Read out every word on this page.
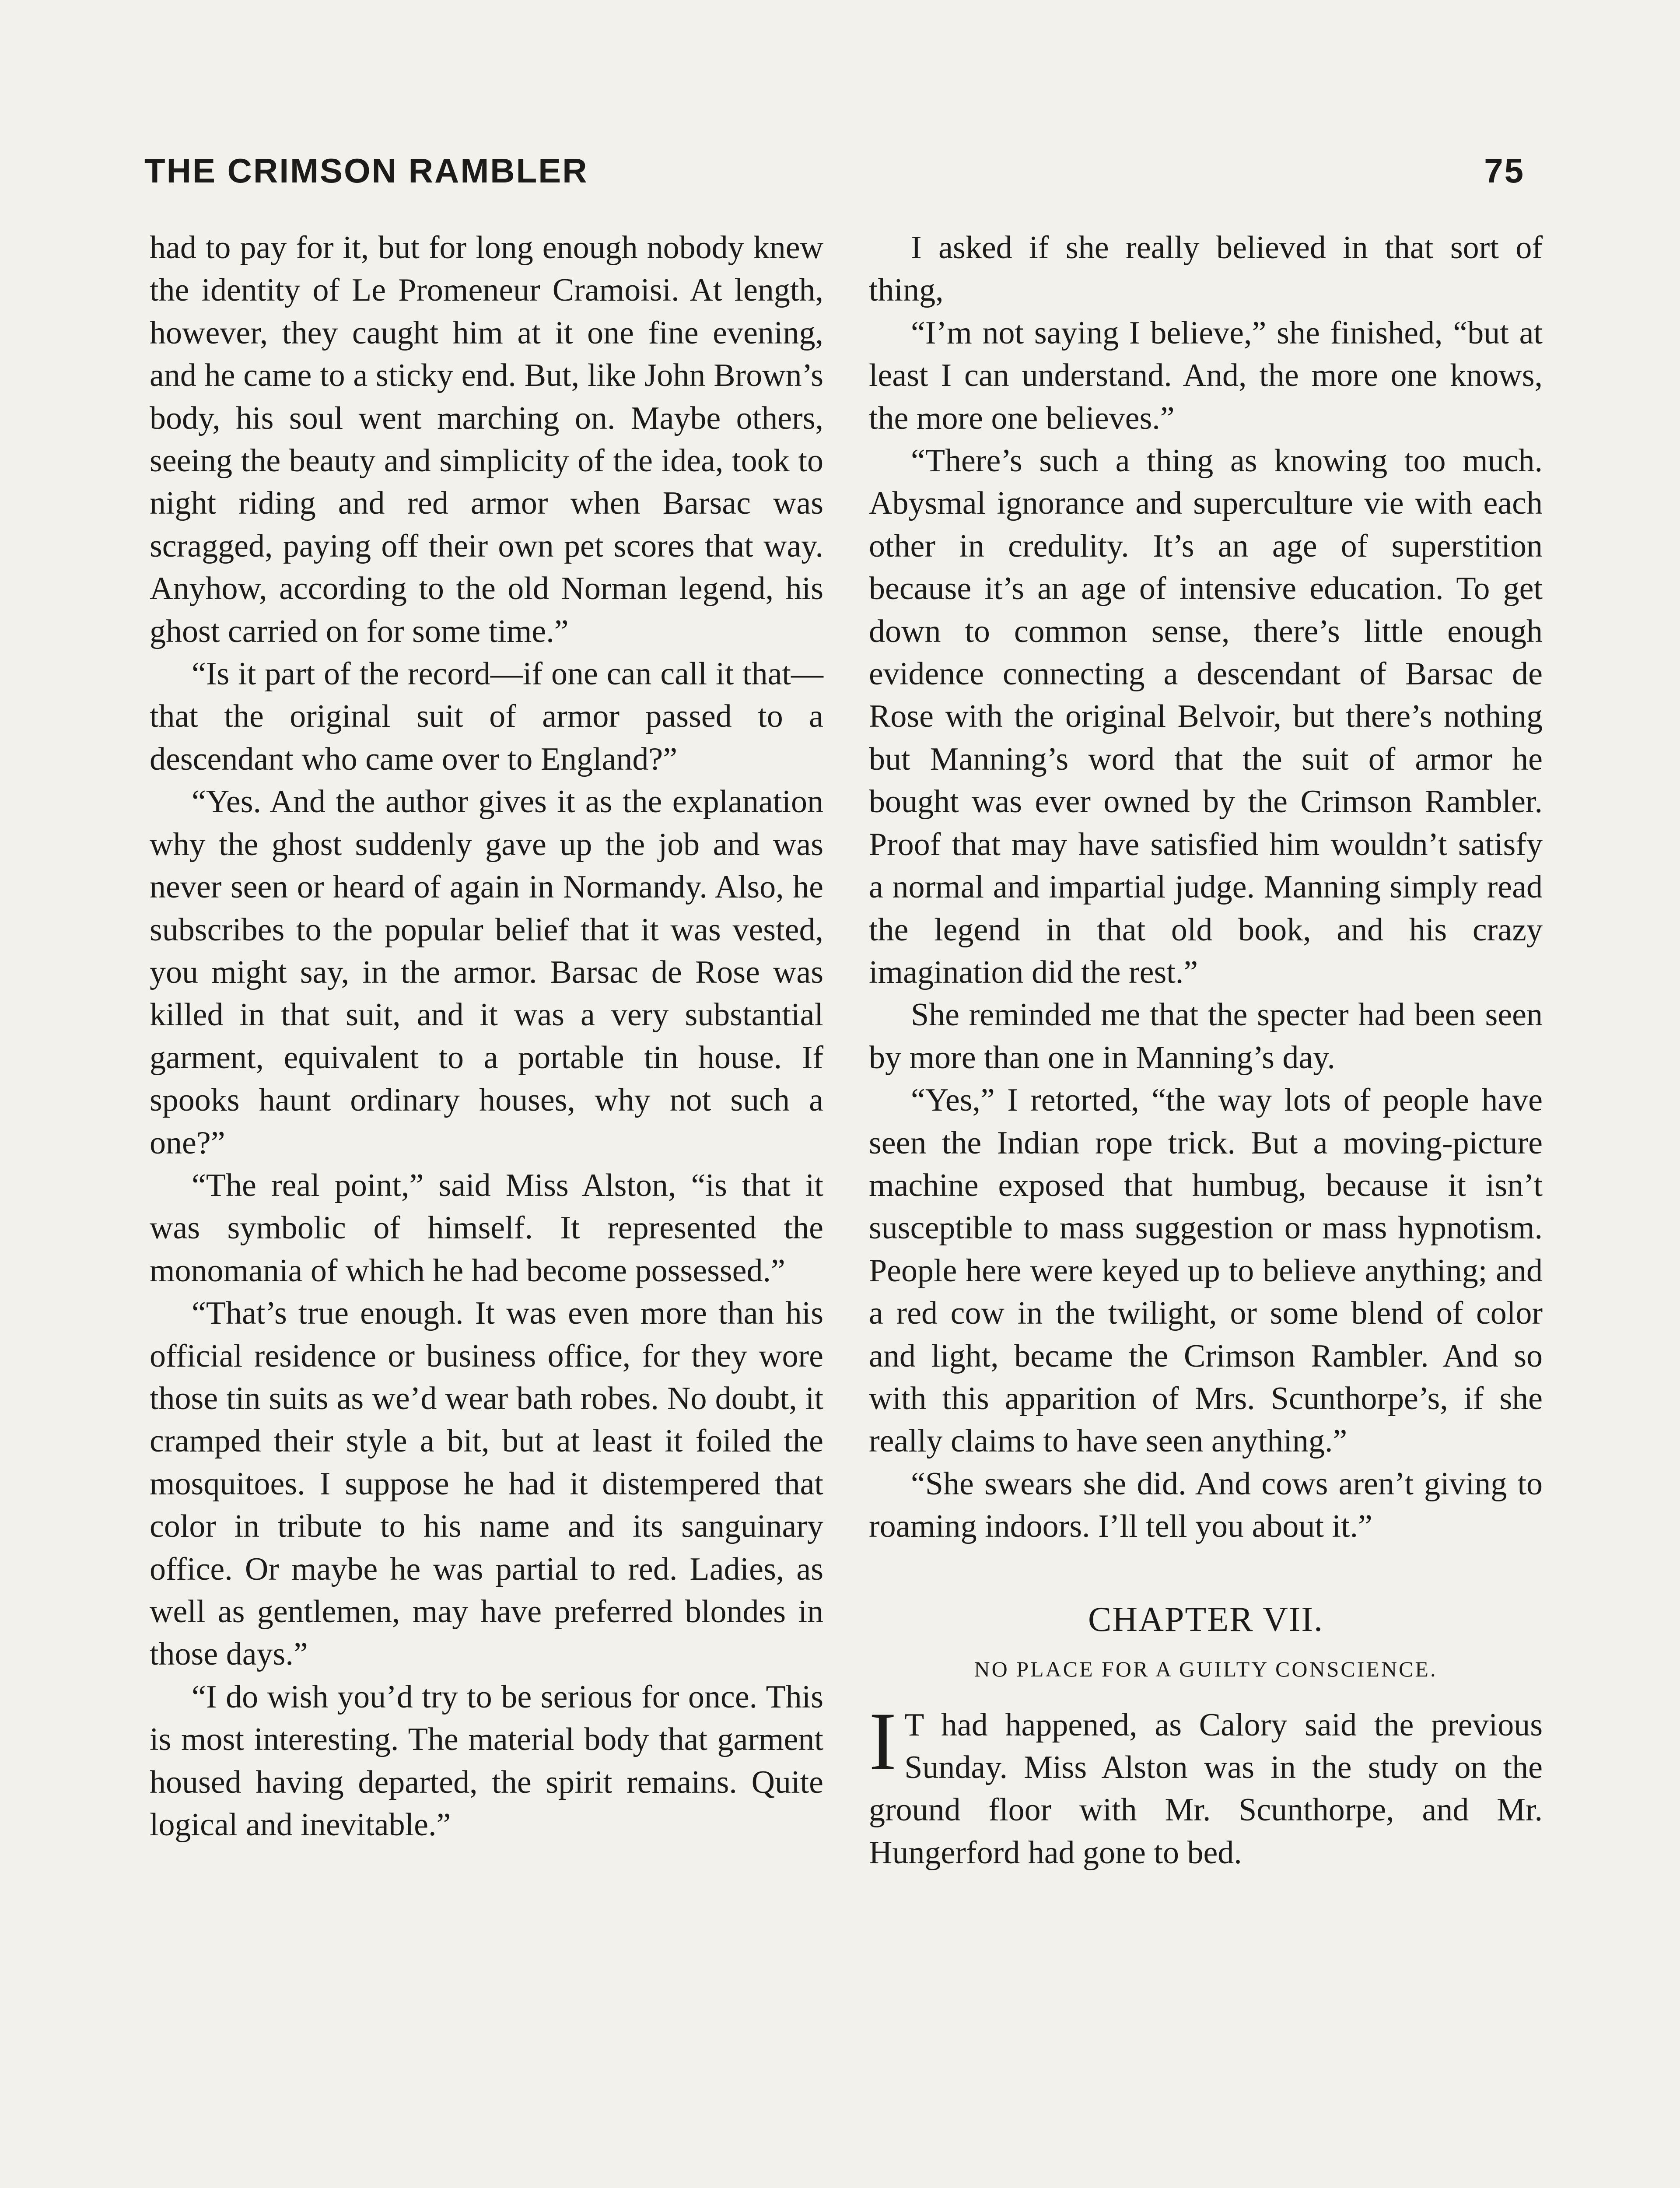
THE CRIMSON RAMBLER	75

had to pay for it, but for long enough nobody knew the identity of Le Promeneur Cramoisi. At length, however, they caught him at it one fine evening, and he came to a sticky end. But, like John Brown’s body, his soul went marching on. Maybe others, seeing the beauty and simplicity of the idea, took to night riding and red armor when Barsac was scragged, paying off their own pet scores that way. Anyhow, according to the old Norman legend, his ghost carried on for some time.”

“Is it part of the record—if one can call it that—that the original suit of armor passed to a descendant who came over to England?”

“Yes. And the author gives it as the explanation why the ghost suddenly gave up the job and was never seen or heard of again in Normandy. Also, he subscribes to the popular belief that it was vested, you might say, in the armor. Barsac de Rose was killed in that suit, and it was a very substantial garment, equivalent to a portable tin house. If spooks haunt ordinary houses, why not such a one?”

“The real point,” said Miss Alston, “is that it was symbolic of himself. It represented the monomania of which he had become possessed.”

“That’s true enough. It was even more than his official residence or business office, for they wore those tin suits as we’d wear bath robes. No doubt, it cramped their style a bit, but at least it foiled the mosquitoes. I suppose he had it distempered that color in tribute to his name and its sanguinary office. Or maybe he was partial to red. Ladies, as well as gentlemen, may have preferred blondes in those days.”

“I do wish you’d try to be serious for once. This is most interesting. The material body that garment housed having departed, the spirit remains. Quite logical and inevitable.”

I asked if she really believed in that sort of thing,

“I’m not saying I believe,” she finished, “but at least I can understand. And, the more one knows, the more one believes.”

“There’s such a thing as knowing too much. Abysmal ignorance and superculture vie with each other in credulity. It’s an age of superstition because it’s an age of intensive education. To get down to common sense, there’s little enough evidence connecting a descendant of Barsac de Rose with the original Belvoir, but there’s nothing but Manning’s word that the suit of armor he bought was ever owned by the Crimson Rambler. Proof that may have satisfied him wouldn’t satisfy a normal and impartial judge. Manning simply read the legend in that old book, and his crazy imagination did the rest.”

She reminded me that the specter had been seen by more than one in Manning’s day.

“Yes,” I retorted, “the way lots of people have seen the Indian rope trick. But a moving-picture machine exposed that humbug, because it isn’t susceptible to mass suggestion or mass hypnotism. People here were keyed up to believe anything; and a red cow in the twilight, or some blend of color and light, became the Crimson Rambler. And so with this apparition of Mrs. Scunthorpe’s, if she really claims to have seen anything.”

“She swears she did. And cows aren’t giving to roaming indoors. I’ll tell you about it.”

CHAPTER VII.
NO PLACE FOR A GUILTY CONSCIENCE.

I T had happened, as Calory said the previous Sunday. Miss Alston was in the study on the ground floor with Mr. Scunthorpe, and Mr. Hungerford had gone to bed.
